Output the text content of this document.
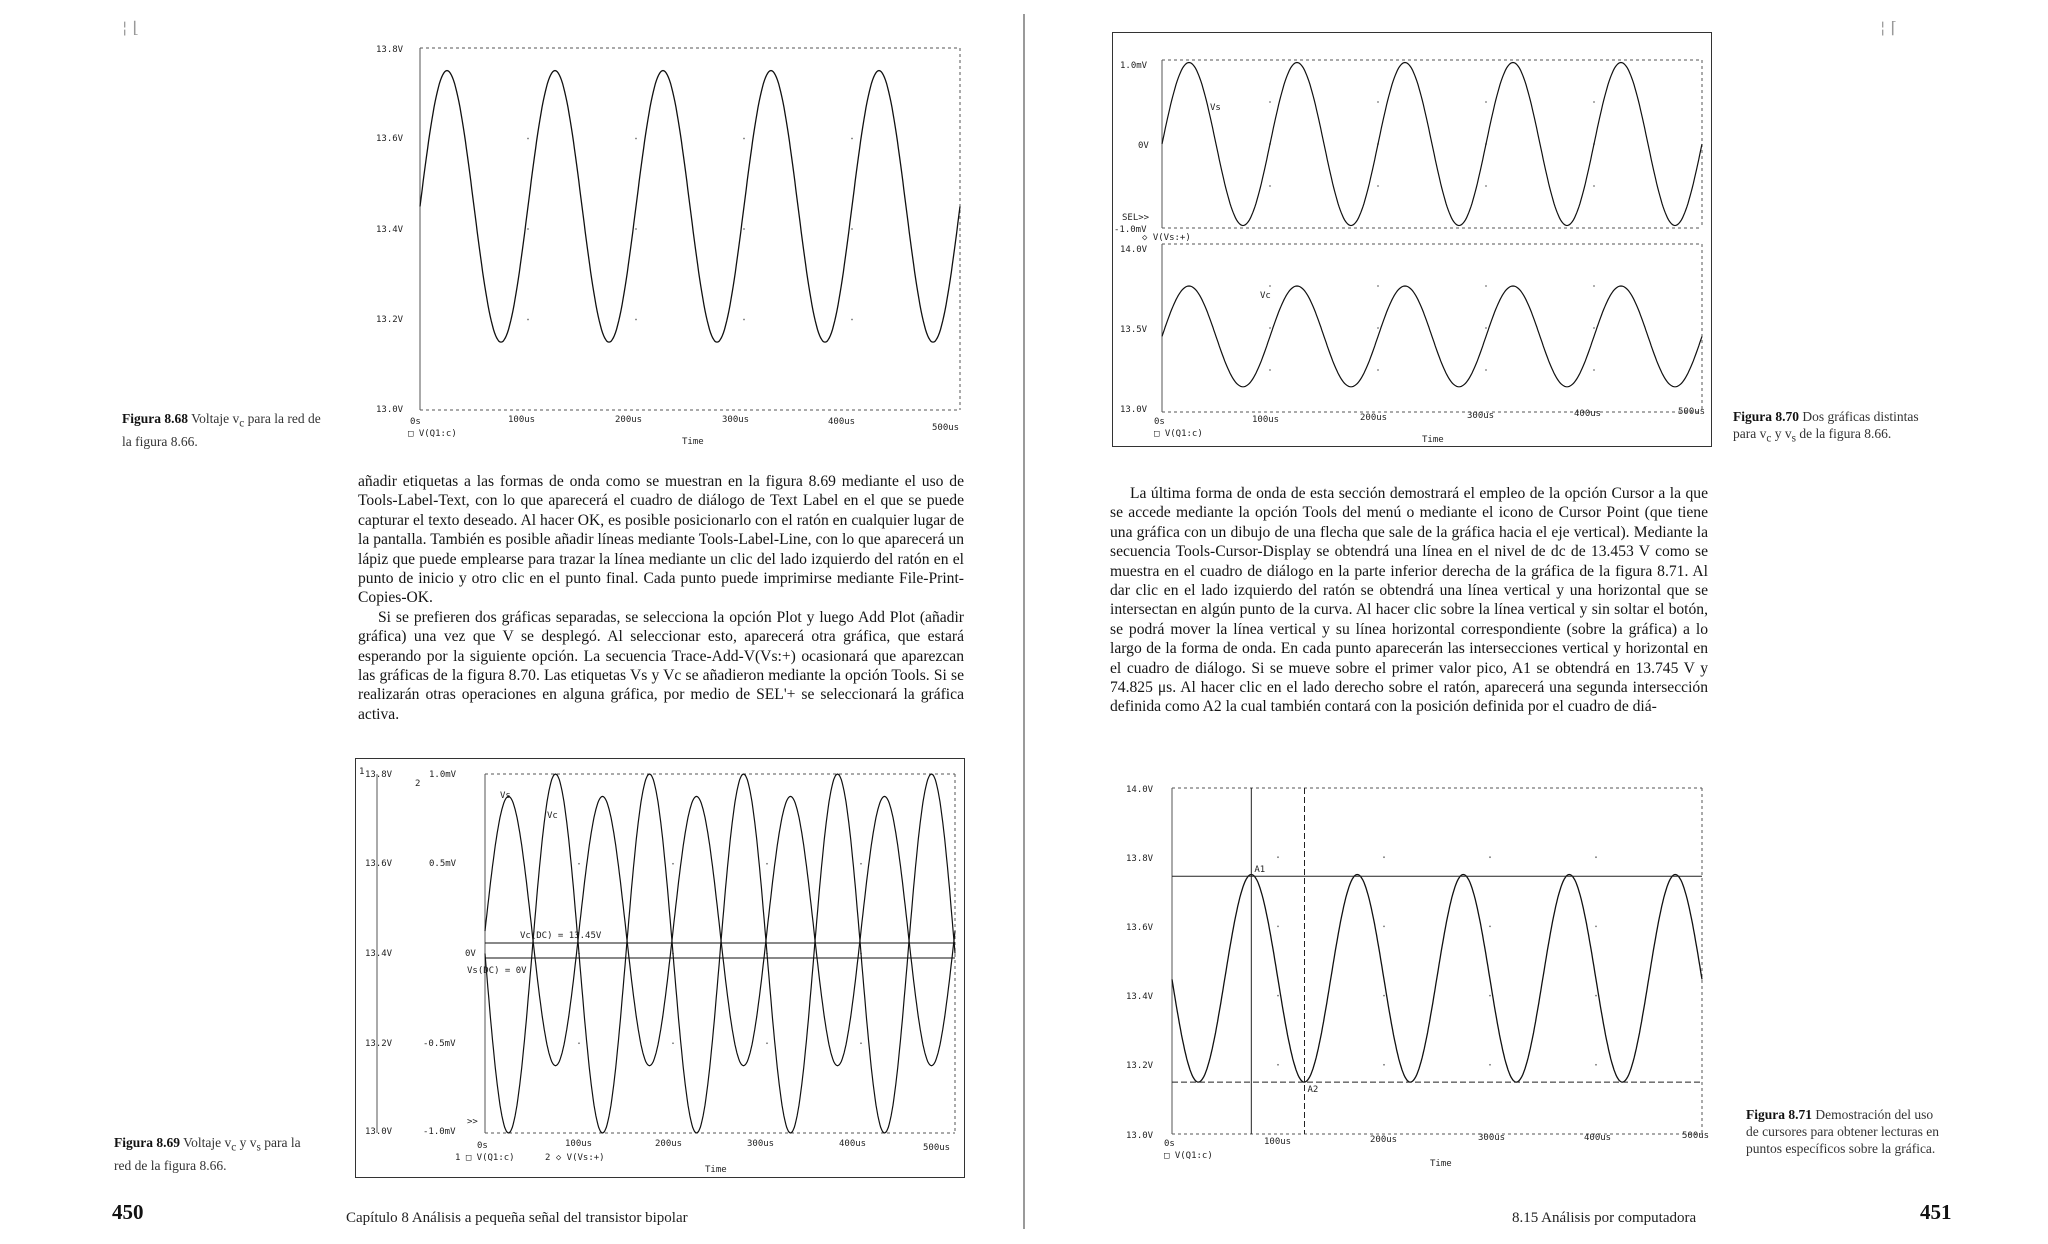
¦ ⌊	¦ ⌈
13.8V
13.6V
13.4V
13.2V
13.0V
0s	100us	200us	300us	400us
500us
□ V(Q1:c)
Time
Figura 8.68 Voltaje $v_c$ para la red de la figura 8.66.

añadir etiquetas a las formas de onda como se muestran en la figura 8.69 mediante el uso de Tools-Label-Text, con lo que aparecerá el cuadro de diálogo de Text Label en el que se puede capturar el texto deseado. Al hacer OK, es posible posicionarlo con el ratón en cualquier lugar de la pantalla. También es posible añadir líneas mediante Tools-Label-Line, con lo que aparecerá un lápiz que puede emplearse para trazar la línea mediante un clic del lado izquierdo del ratón en el punto de inicio y otro clic en el punto final. Cada punto puede imprimirse mediante File-Print-Copies-OK.

Si se prefieren dos gráficas separadas, se selecciona la opción Plot y luego Add Plot (añadir gráfica) una vez que V se desplegó. Al seleccionar esto, aparecerá otra gráfica, que estará esperando por la siguiente opción. La secuencia Trace-Add-V(Vs:+) ocasionará que aparezcan las gráficas de la figura 8.70. Las etiquetas Vs y Vc se añadieron mediante la opción Tools. Si se realizarán otras operaciones en alguna gráfica, por medio de SEL'+ se seleccionará la gráfica activa.

1
2
13.8V
13.6V
13.4V
13.2V
13.0V
1.0mV
0.5mV
0V
-0.5mV
-1.0mV
>>
Vs
Vc
Vc(DC) = 13.45V
Vs(DC) = 0V
0s	100us	200us	300us	400us	500us
1 □ V(Q1:c)	2 ◇ V(Vs:+)
Time
Figura 8.69 Voltaje $v_c$ y $v_s$ para la red de la figura 8.66.
450	Capítulo 8 Análisis a pequeña señal del transistor bipolar
1.0mV
0V
-1.0mV
SEL>>
◇ V(Vs:+)
Vs
14.0V
13.5V
13.0V
Vc
0s	100us	200us	300us	400us	500us
□ V(Q1:c)
Time
Figura 8.70 Dos gráficas distintas para $v_c$ y $v_s$ de la figura 8.66.

La última forma de onda de esta sección demostrará el empleo de la opción Cursor a la que se accede mediante la opción Tools del menú o mediante el icono de Cursor Point (que tiene una gráfica con un dibujo de una flecha que sale de la gráfica hacia el eje vertical). Mediante la secuencia Tools-Cursor-Display se obtendrá una línea en el nivel de dc de 13.453 V como se muestra en el cuadro de diálogo en la parte inferior derecha de la gráfica de la figura 8.71. Al dar clic en el lado izquierdo del ratón se obtendrá una línea vertical y una horizontal que se intersectan en algún punto de la curva. Al hacer clic sobre la línea vertical y sin soltar el botón, se podrá mover la línea vertical y su línea horizontal correspondiente (sobre la gráfica) a lo largo de la forma de onda. En cada punto aparecerán las intersecciones vertical y horizontal en el cuadro de diálogo. Si se mueve sobre el primer valor pico, A1 se obtendrá en 13.745 V y 74.825 μs. Al hacer clic en el lado derecho sobre el ratón, aparecerá una segunda intersección definida como A2 la cual también contará con la posición definida por el cuadro de diá-

14.0V
13.8V
13.6V
13.4V
13.2V
13.0V
A1
A2
0s	100us	200us	300us	400us	500us
□ V(Q1:c)
Time
Figura 8.71 Demostración del uso de cursores para obtener lecturas en puntos específicos sobre la gráfica.
8.15 Análisis por computadora	451
